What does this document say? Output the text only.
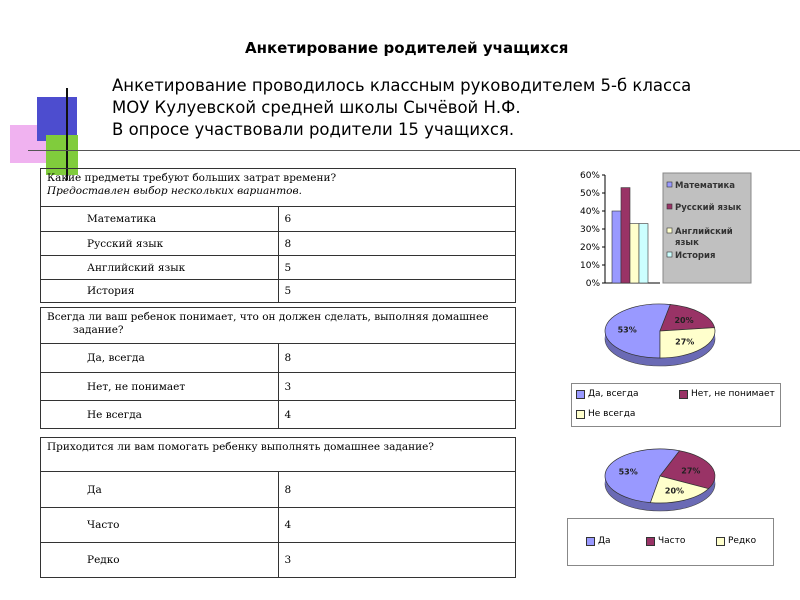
Анкетирование родителей учащихся
Анкетирование проводилось классным руководителем 5-б класса
МОУ Кулуевской средней школы Сычёвой Н.Ф.
В опросе участвовали родители 15 учащихся.
Какие предметы требуют больших затрат времени?
Предоставлен выбор нескольких вариантов.	

Математика	6
Русский язык	8
Английский язык	5
История	5
Всегда ли ваш ребенок понимает, что он должен сделать, выполняя домашнее
задание?	

Да, всегда	8
Нет, не понимает	3
Не всегда	4
Приходится ли вам помогать ребенку выполнять домашнее задание?	
Да	8
Часто	4
Редко	3
0%
10%
20%
30%
40%
50%
60%
Математика
Русский язык
Английский
язык
История
53%
20%
27%
Да, всегда	Нет, не понимает
Не всегда
53%	27%
20%
Да	Часто	Редко
